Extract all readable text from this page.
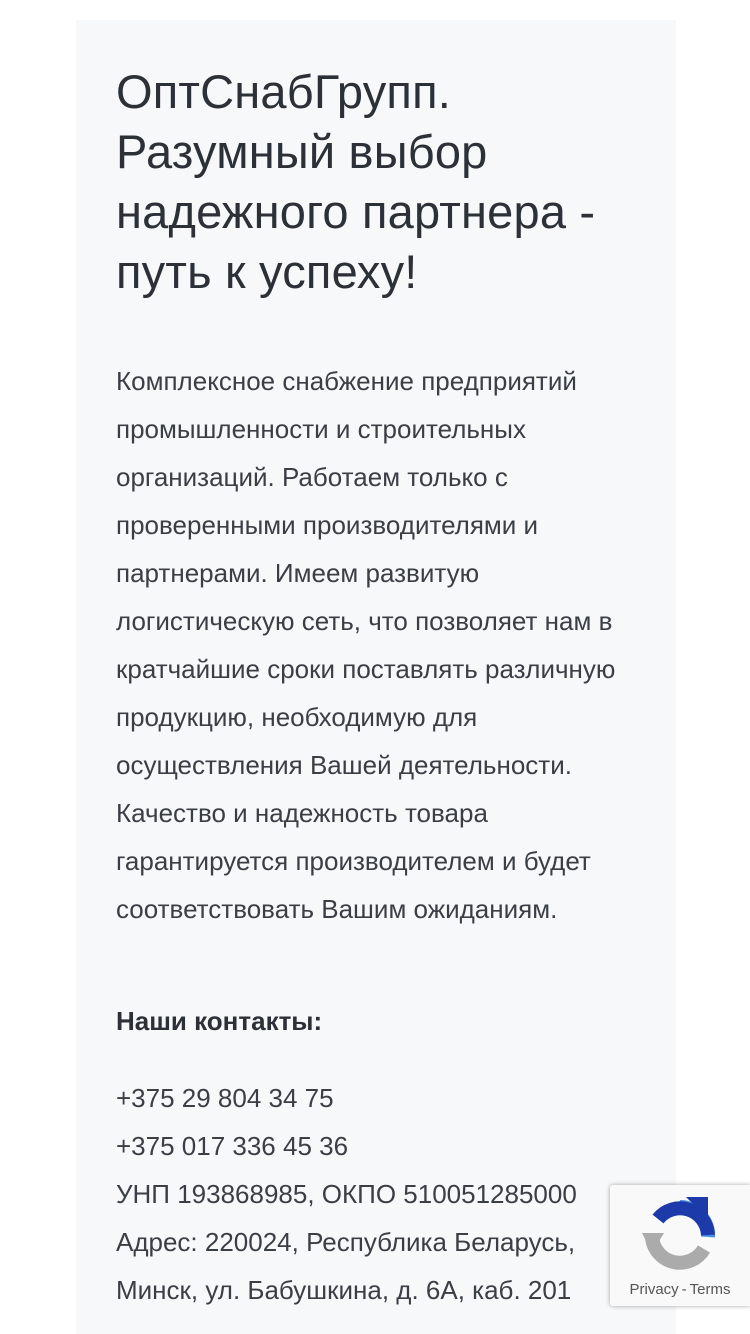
ОптСнабГрупп. Разумный выбор надежного партнера - путь к успеху!

Комплексное снабжение предприятий промышленности и строительных организаций. Работаем только с проверенными производителями и партнерами. Имеем развитую логистическую сеть, что позволяет нам в кратчайшие сроки поставлять различную продукцию, необходимую для осуществления Вашей деятельности. Качество и надежность товара гарантируется производителем и будет соответствовать Вашим ожиданиям.

Наши контакты:
+375 29 804 34 75
+375 017 336 45 36
УНП 193868985, ОКПО 510051285000
Адрес: 220024, Республика Беларусь,
Минск, ул. Бабушкина, д. 6А, каб. 201	Privacy - Terms
